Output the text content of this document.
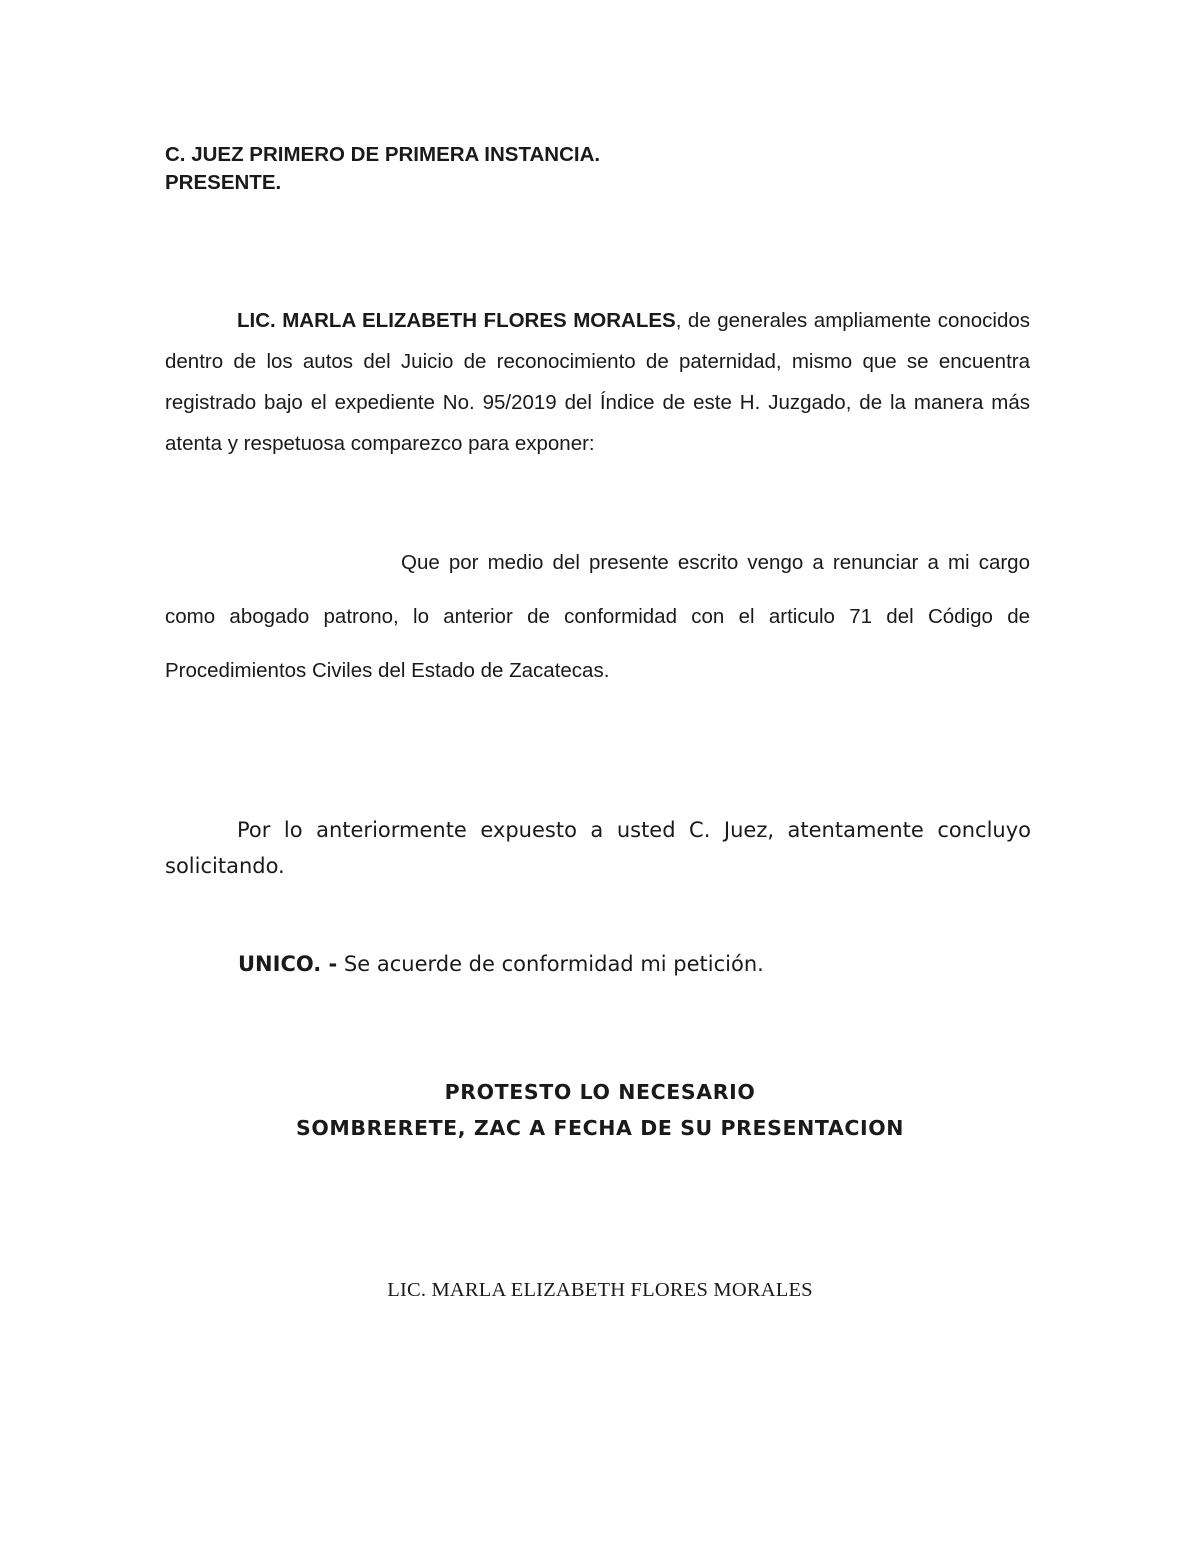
C. JUEZ PRIMERO DE PRIMERA INSTANCIA.
PRESENTE.

LIC. MARLA ELIZABETH FLORES MORALES, de generales ampliamente conocidos dentro de los autos del Juicio de reconocimiento de paternidad, mismo que se encuentra registrado bajo el expediente No. 95/2019 del Índice de este H. Juzgado, de la manera más atenta y respetuosa comparezco para exponer:

Que por medio del presente escrito vengo a renunciar a mi cargo como abogado patrono, lo anterior de conformidad con el articulo 71 del Código de Procedimientos Civiles del Estado de Zacatecas.

Por lo anteriormente expuesto a usted C. Juez, atentamente concluyo solicitando.

UNICO. - Se acuerde de conformidad mi petición.
PROTESTO LO NECESARIO
SOMBRERETE, ZAC A FECHA DE SU PRESENTACION
LIC. MARLA ELIZABETH FLORES MORALES
